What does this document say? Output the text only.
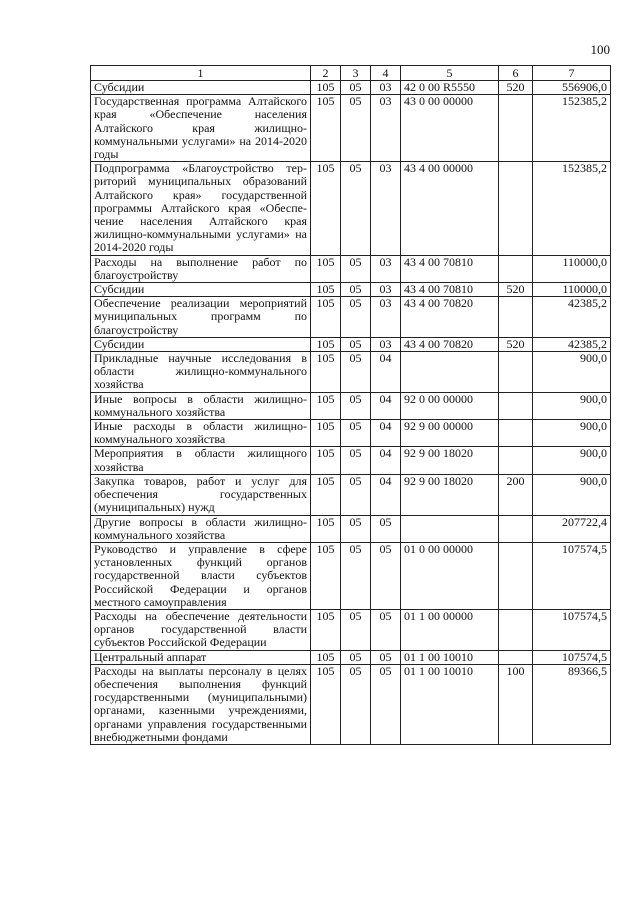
100
1	2	3	4	5	6	7
Субсидии	105	05	03	42 0 00 R5550	520	556906,0
Государственная программа Алтайского края «Обеспечение населения Алтайского края жилищно-коммунальными услугами» на 2014-2020 годы	105	05	03	43 0 00 00000		152385,2
Подпрограмма «Благоустройство территорий муниципальных образований Алтайского края» государственной программы Алтайского края «Обеспечение населения Алтайского края жилищно-коммунальными услугами» на 2014-2020 годы	105	05	03	43 4 00 00000		152385,2
Расходы на выполнение работ по благоустройству	105	05	03	43 4 00 70810		110000,0
Субсидии	105	05	03	43 4 00 70810	520	110000,0
Обеспечение реализации мероприятий муниципальных программ по благоустройству	105	05	03	43 4 00 70820		42385,2
Субсидии	105	05	03	43 4 00 70820	520	42385,2
Прикладные научные исследования в области жилищно-коммунального хозяйства	105	05	04			900,0
Иные вопросы в области жилищно-коммунального хозяйства	105	05	04	92 0 00 00000		900,0
Иные расходы в области жилищно-коммунального хозяйства	105	05	04	92 9 00 00000		900,0
Мероприятия в области жилищного хозяйства	105	05	04	92 9 00 18020		900,0
Закупка товаров, работ и услуг для обеспечения государственных (муниципальных) нужд	105	05	04	92 9 00 18020	200	900,0
Другие вопросы в области жилищно-коммунального хозяйства	105	05	05			207722,4
Руководство и управление в сфере установленных функций органов государственной власти субъектов Российской Федерации и органов местного самоуправления	105	05	05	01 0 00 00000		107574,5
Расходы на обеспечение деятельности органов государственной власти субъектов Российской Федерации	105	05	05	01 1 00 00000		107574,5
Центральный аппарат	105	05	05	01 1 00 10010		107574,5
Расходы на выплаты персоналу в целях обеспечения выполнения функций государственными (муниципальными) органами, казенными учреждениями, органами управления государственными внебюджетными фондами	105	05	05	01 1 00 10010	100	89366,5
